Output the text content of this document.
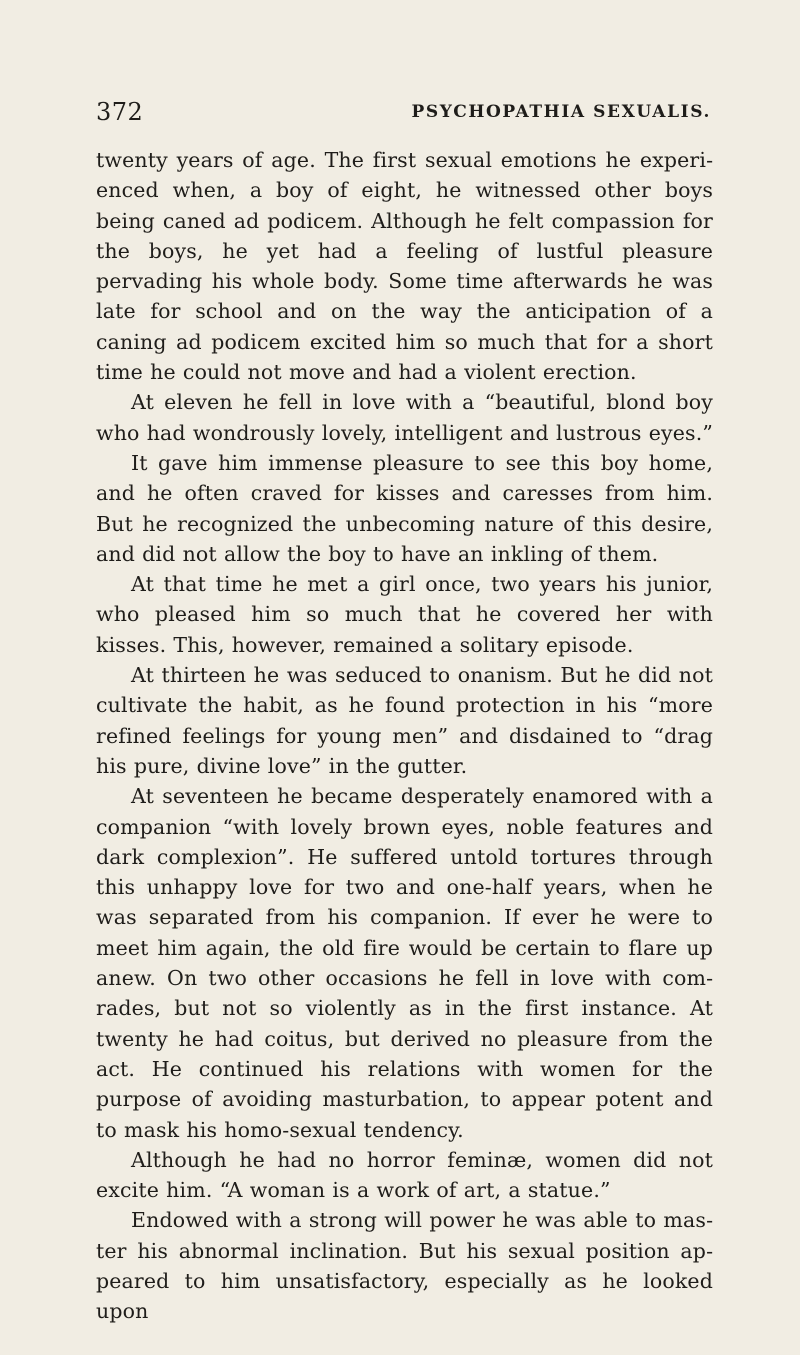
372	PSYCHOPATHIA SEXUALIS.

twenty years of age. The first sexual emotions he experienced when, a boy of eight, he witnessed other boys being caned ad podicem. Although he felt compassion for the boys, he yet had a feeling of lustful pleasure pervading his whole body. Some time afterwards he was late for school and on the way the anticipation of a caning ad podicem excited him so much that for a short time he could not move and had a violent erection.

At eleven he fell in love with a “beautiful, blond boy who had wondrously lovely, intelligent and lustrous eyes.”

It gave him immense pleasure to see this boy home, and he often craved for kisses and caresses from him. But he recognized the unbecoming nature of this desire, and did not allow the boy to have an inkling of them.

At that time he met a girl once, two years his junior, who pleased him so much that he covered her with kisses. This, however, remained a solitary episode.

At thirteen he was seduced to onanism. But he did not cultivate the habit, as he found protection in his “more refined feelings for young men” and disdained to “drag his pure, divine love” in the gutter.

At seventeen he became desperately enamored with a companion “with lovely brown eyes, noble features and dark complexion”. He suffered untold tortures through this unhappy love for two and one-half years, when he was separated from his companion. If ever he were to meet him again, the old fire would be certain to flare up anew. On two other occasions he fell in love with comrades, but not so violently as in the first instance. At twenty he had coitus, but derived no pleasure from the act. He continued his relations with women for the purpose of avoiding masturbation, to appear potent and to mask his homo-sexual tendency.

Although he had no horror feminæ, women did not excite him. “A woman is a work of art, a statue.”

Endowed with a strong will power he was able to master his abnormal inclination. But his sexual position appeared to him unsatisfactory, especially as he looked upon
